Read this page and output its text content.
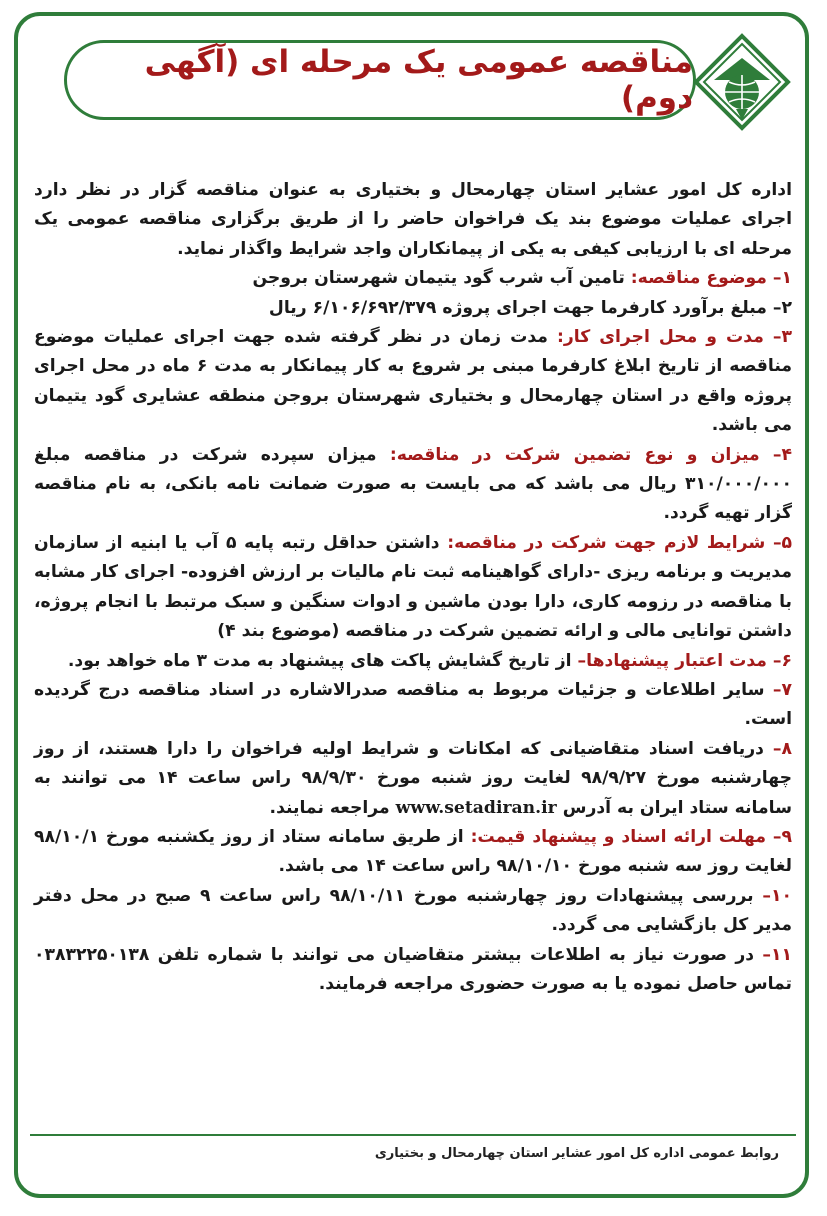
مناقصه عمومی یک مرحله ای (آگهی دوم)

اداره کل امور عشایر استان چهارمحال و بختیاری به عنوان مناقصه گزار در نظر دارد اجرای عملیات موضوع بند یک فراخوان حاضر را از طریق برگزاری مناقصه عمومی یک مرحله ای با ارزیابی کیفی به یکی از پیمانکاران واجد شرایط واگذار نماید.

۱– موضوع مناقصه: تامین آب شرب گود یتیمان شهرستان بروجن

۲– مبلغ برآورد کارفرما جهت اجرای پروژه ۶/۱۰۶/۶۹۲/۳۷۹ ریال

۳– مدت و محل اجرای کار: مدت زمان در نظر گرفته شده جهت اجرای عملیات موضوع مناقصه از تاریخ ابلاغ کارفرما مبنی بر شروع به کار پیمانکار به مدت ۶ ماه در محل اجرای پروژه واقع در استان چهارمحال و بختیاری شهرستان بروجن منطقه عشایری گود یتیمان می باشد.

۴– میزان و نوع تضمین شرکت در مناقصه: میزان سپرده شرکت در مناقصه مبلغ ۳۱۰/۰۰۰/۰۰۰ ریال می باشد که می بایست به صورت ضمانت نامه بانکی، به نام مناقصه گزار تهیه گردد.

۵– شرایط لازم جهت شرکت در مناقصه: داشتن حداقل رتبه پایه ۵ آب یا ابنیه از سازمان مدیریت و برنامه ریزی -دارای گواهینامه ثبت نام مالیات بر ارزش افزوده- اجرای کار مشابه با مناقصه در رزومه کاری، دارا بودن ماشین و ادوات سنگین و سبک مرتبط با انجام پروژه، داشتن توانایی مالی و ارائه تضمین شرکت در مناقصه (موضوع بند ۴)

۶– مدت اعتبار پیشنهادها– از تاریخ گشایش پاکت های پیشنهاد به مدت ۳ ماه خواهد بود.

۷– سایر اطلاعات و جزئیات مربوط به مناقصه صدرالاشاره در اسناد مناقصه درج گردیده است.

۸– دریافت اسناد متقاضیانی که امکانات و شرایط اولیه فراخوان را دارا هستند، از روز چهارشنبه مورخ ۹۸/۹/۲۷ لغایت روز شنبه مورخ ۹۸/۹/۳۰ راس ساعت ۱۴ می توانند به سامانه ستاد ایران به آدرس www.setadiran.ir مراجعه نمایند.

۹– مهلت ارائه اسناد و پیشنهاد قیمت: از طریق سامانه ستاد از روز یکشنبه مورخ ۹۸/۱۰/۱ لغایت روز سه شنبه مورخ ۹۸/۱۰/۱۰ راس ساعت ۱۴ می باشد.

۱۰– بررسی پیشنهادات روز چهارشنبه مورخ ۹۸/۱۰/۱۱ راس ساعت ۹ صبح در محل دفتر مدیر کل بازگشایی می گردد.

۱۱– در صورت نیاز به اطلاعات بیشتر متقاضیان می توانند با شماره تلفن ۰۳۸۳۲۲۵۰۱۳۸ تماس حاصل نموده یا به صورت حضوری مراجعه فرمایند.

روابط عمومی اداره کل امور عشایر استان چهارمحال و بختیاری
